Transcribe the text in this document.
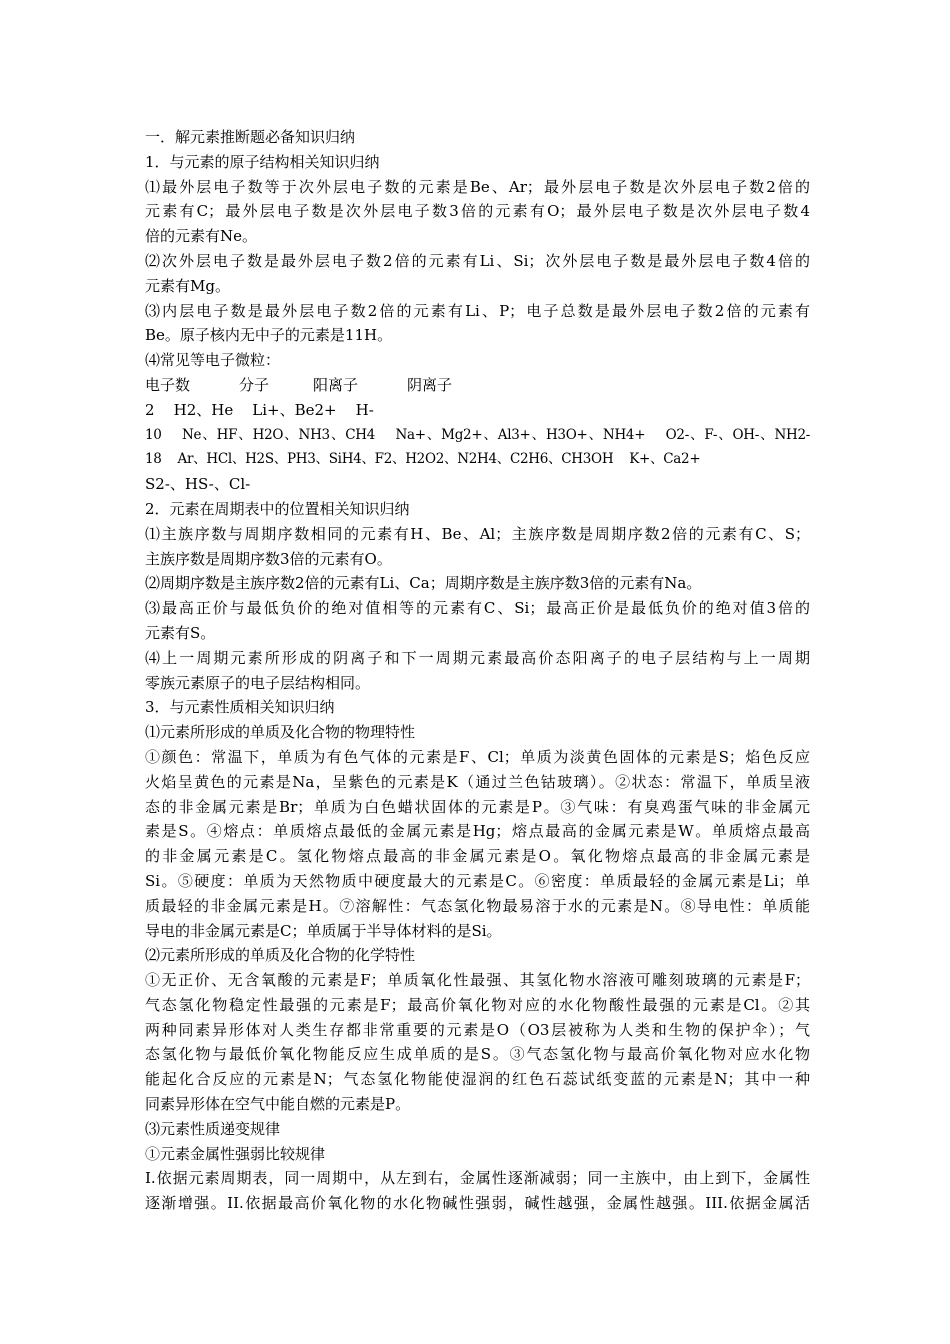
一．解元素推断题必备知识归纳
1．与元素的原子结构相关知识归纳
⑴最外层电子数等于次外层电子数的元素是Be、Ar；最外层电子数是次外层电子数2倍的
元素有C；最外层电子数是次外层电子数3倍的元素有O；最外层电子数是次外层电子数4
倍的元素有Ne。
⑵次外层电子数是最外层电子数2倍的元素有Li、Si；次外层电子数是最外层电子数4倍的
元素有Mg。
⑶内层电子数是最外层电子数2倍的元素有Li、P；电子总数是最外层电子数2倍的元素有
Be。原子核内无中子的元素是11H。
⑷常见等电子微粒：
电子数	分子	阳离子	阴离子
2    H2、He    Li+、Be2+    H-
10    Ne、HF、H2O、NH3、CH4    Na+、Mg2+、Al3+、H3O+、NH4+    O2-、F-、OH-、NH2-
18    Ar、HCl、H2S、PH3、SiH4、F2、H2O2、N2H4、C2H6、CH3OH    K+、Ca2+
S2-、HS-、Cl-
2．元素在周期表中的位置相关知识归纳
⑴主族序数与周期序数相同的元素有H、Be、Al；主族序数是周期序数2倍的元素有C、S；
主族序数是周期序数3倍的元素有O。
⑵周期序数是主族序数2倍的元素有Li、Ca；周期序数是主族序数3倍的元素有Na。
⑶最高正价与最低负价的绝对值相等的元素有C、Si；最高正价是最低负价的绝对值3倍的
元素有S。
⑷上一周期元素所形成的阴离子和下一周期元素最高价态阳离子的电子层结构与上一周期
零族元素原子的电子层结构相同。
3．与元素性质相关知识归纳
⑴元素所形成的单质及化合物的物理特性
①颜色：常温下，单质为有色气体的元素是F、Cl；单质为淡黄色固体的元素是S；焰色反应
火焰呈黄色的元素是Na，呈紫色的元素是K（通过兰色钴玻璃）。②状态：常温下，单质呈液
态的非金属元素是Br；单质为白色蜡状固体的元素是P。③气味：有臭鸡蛋气味的非金属元
素是S。④熔点：单质熔点最低的金属元素是Hg；熔点最高的金属元素是W。单质熔点最高
的非金属元素是C。氢化物熔点最高的非金属元素是O。氧化物熔点最高的非金属元素是
Si。⑤硬度：单质为天然物质中硬度最大的元素是C。⑥密度：单质最轻的金属元素是Li；单
质最轻的非金属元素是H。⑦溶解性：气态氢化物最易溶于水的元素是N。⑧导电性：单质能
导电的非金属元素是C；单质属于半导体材料的是Si。
⑵元素所形成的单质及化合物的化学特性
①无正价、无含氧酸的元素是F；单质氧化性最强、其氢化物水溶液可雕刻玻璃的元素是F；
气态氢化物稳定性最强的元素是F；最高价氧化物对应的水化物酸性最强的元素是Cl。②其
两种同素异形体对人类生存都非常重要的元素是O（O3层被称为人类和生物的保护伞）；气
态氢化物与最低价氧化物能反应生成单质的是S。③气态氢化物与最高价氧化物对应水化物
能起化合反应的元素是N；气态氢化物能使湿润的红色石蕊试纸变蓝的元素是N；其中一种
同素异形体在空气中能自燃的元素是P。
⑶元素性质递变规律
①元素金属性强弱比较规律
I.依据元素周期表，同一周期中，从左到右，金属性逐渐减弱；同一主族中，由上到下，金属性
逐渐增强。II.依据最高价氧化物的水化物碱性强弱，碱性越强，金属性越强。III.依据金属活
